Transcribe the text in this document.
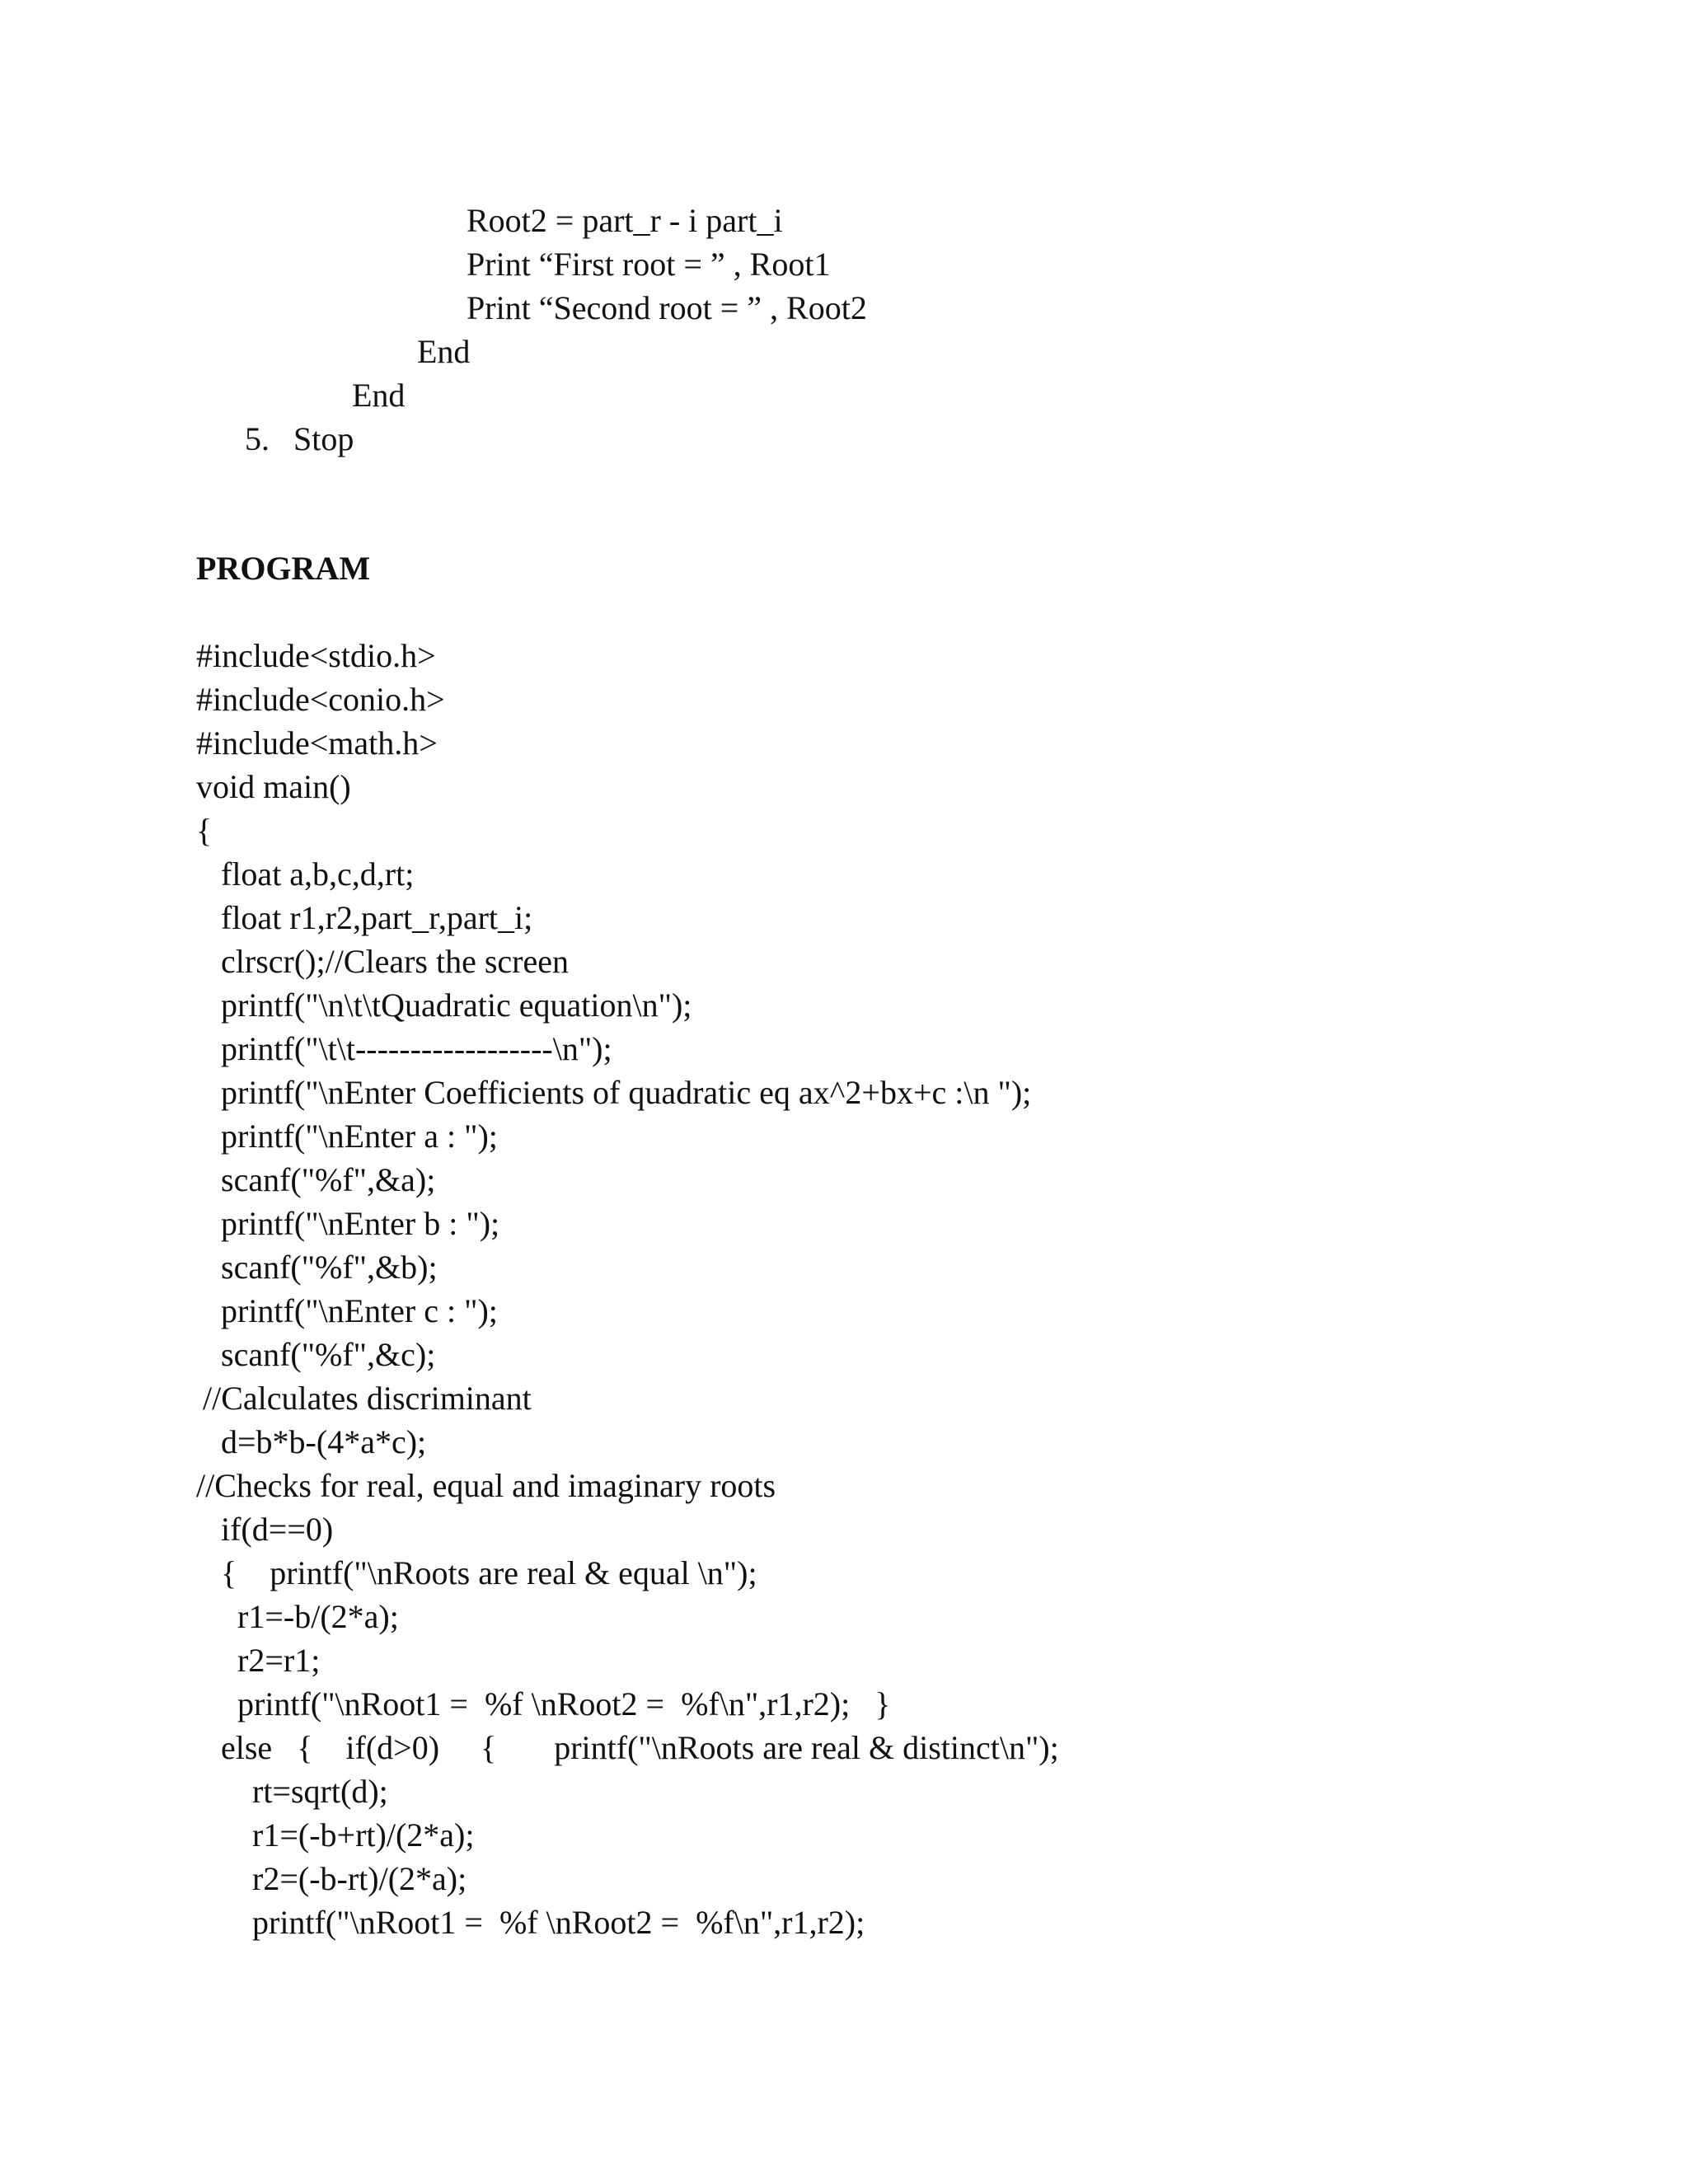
Root2 = part_r - i part_i

Print “First root = ” , Root1

Print “Second root = ” , Root2

End

End

5. Stop

PROGRAM

#include<stdio.h>

#include<conio.h>

#include<math.h>

void main()

{

float a,b,c,d,rt;

float r1,r2,part_r,part_i;

clrscr();//Clears the screen

printf("\n\t\tQuadratic equation\n");

printf("\t\t------------------\n");

printf("\nEnter Coefficients of quadratic eq ax^2+bx+c :\n ");

printf("\nEnter a : ");

scanf("%f",&a);

printf("\nEnter b : ");

scanf("%f",&b);

printf("\nEnter c : ");

scanf("%f",&c);

//Calculates discriminant

d=b*b-(4*a*c);

//Checks for real, equal and imaginary roots

if(d==0)

{    printf("\nRoots are real & equal \n");

r1=-b/(2*a);

r2=r1;

printf("\nRoot1 =  %f \nRoot2 =  %f\n",r1,r2);   }

else   {    if(d>0)     {       printf("\nRoots are real & distinct\n");

rt=sqrt(d);

r1=(-b+rt)/(2*a);

r2=(-b-rt)/(2*a);

printf("\nRoot1 =  %f \nRoot2 =  %f\n",r1,r2);
